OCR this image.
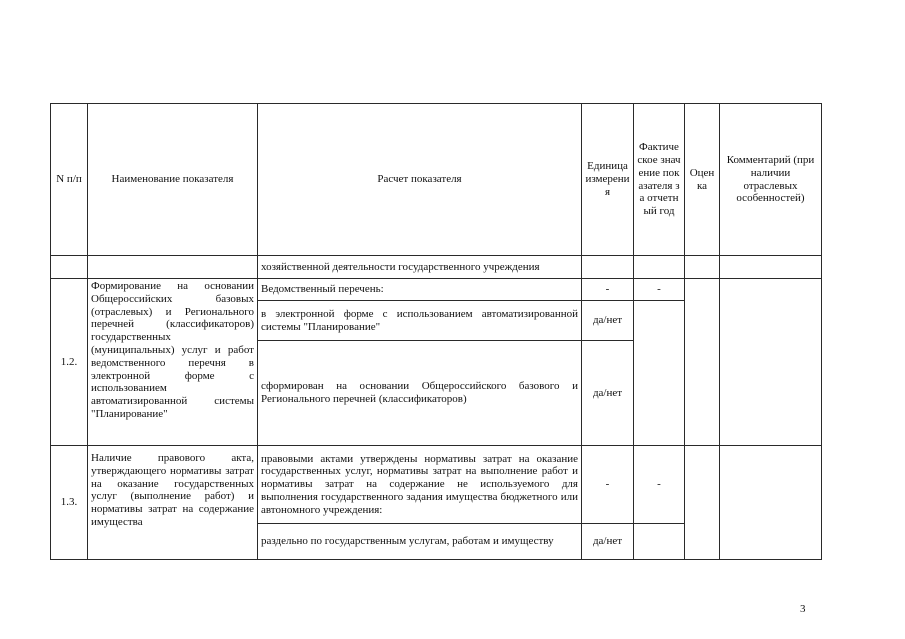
N п/п	Наименование показателя	Расчет показателя	Единица измерения	Фактическое значение показателя за отчетный год	Оценка	Комментарий (при наличии отраслевых особенностей)
		хозяйственной деятельности государственного учреждения				
1.2.	Формирование на основании Общероссийских базовых (отраслевых) и Регионального перечней (классификаторов) государственных (муниципальных) услуг и работ ведомственного перечня в электронной форме с использованием автоматизированной системы "Планирование"	Ведомственный перечень:	-	-		
		в электронной форме с использованием автоматизированной системы "Планирование"	да/нет			
		сформирован на основании Общероссийского базового и Регионального перечней (классификаторов)	да/нет			
1.3.	Наличие правового акта, утверждающего нормативы затрат на оказание государственных услуг (выполнение работ) и нормативы затрат на содержание имущества	правовыми актами утверждены нормативы затрат на оказание государственных услуг, нормативы затрат на выполнение работ и нормативы затрат на содержание не используемого для выполнения государственного задания имущества бюджетного или автономного учреждения:	-	-		
		раздельно по государственным услугам, работам и имуществу	да/нет			
3
